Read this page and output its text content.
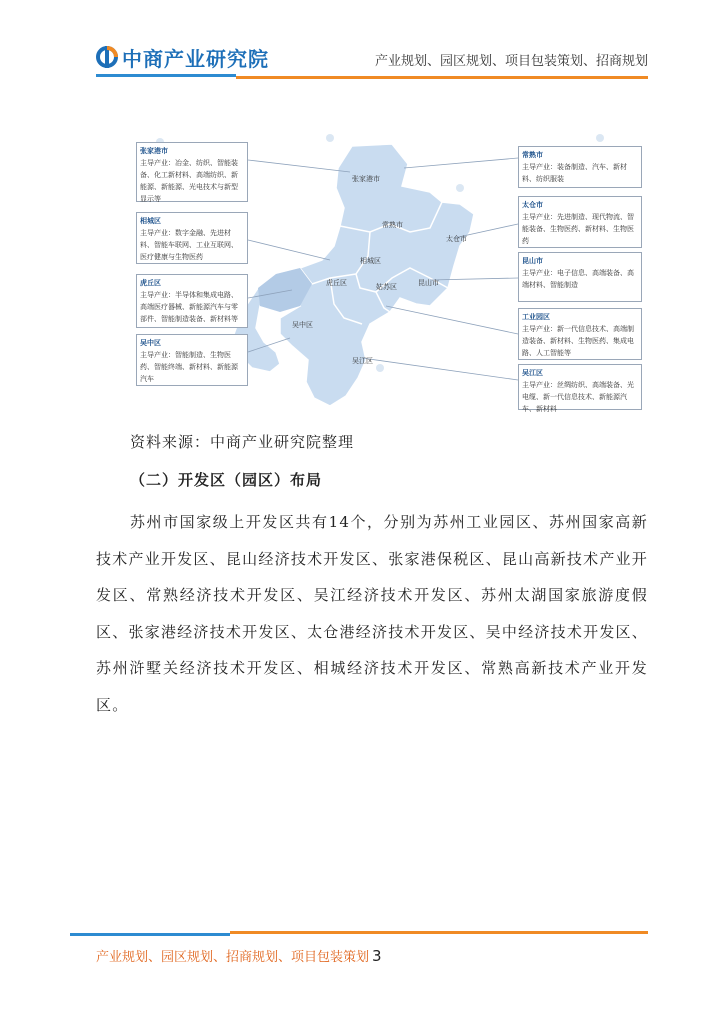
中商产业研究院	产业规划、园区规划、项目包装策划、招商规划
张家港市
常熟市
太仓市
相城区
姑苏区
虎丘区	昆山市
吴中区
吴江区
张家港市
主导产业：冶金、纺织、智能装备、化工新材料、高端纺织、新能源、新能源、光电技术与新型显示等
相城区
主导产业：数字金融、先进材料、智能车联网、工业互联网、医疗健康与生物医药
虎丘区
主导产业：半导体和集成电路、高端医疗器械、新能源汽车与零部件、智能制造装备、新材料等
吴中区
主导产业：智能制造、生物医药、智能终端、新材料、新能源汽车
常熟市
主导产业：装备制造、汽车、新材料、纺织服装
太仓市
主导产业：先进制造、现代物流、智能装备、生物医药、新材料、生物医药
昆山市
主导产业：电子信息、高端装备、高端材料、智能制造
工业园区
主导产业：新一代信息技术、高端制造装备、新材料、生物医药、集成电路、人工智能等
吴江区
主导产业：丝绸纺织、高端装备、光电缆、新一代信息技术、新能源汽车、新材料
资料来源：中商产业研究院整理
（二）开发区（园区）布局
苏州市国家级上开发区共有14个，分别为苏州工业园区、苏州国家高新技术产业开发区、昆山经济技术开发区、张家港保税区、昆山高新技术产业开发区、常熟经济技术开发区、吴江经济技术开发区、苏州太湖国家旅游度假区、张家港经济技术开发区、太仓港经济技术开发区、吴中经济技术开发区、苏州浒墅关经济技术开发区、相城经济技术开发区、常熟高新技术产业开发区。
产业规划、园区规划、招商规划、项目包装策划 3
